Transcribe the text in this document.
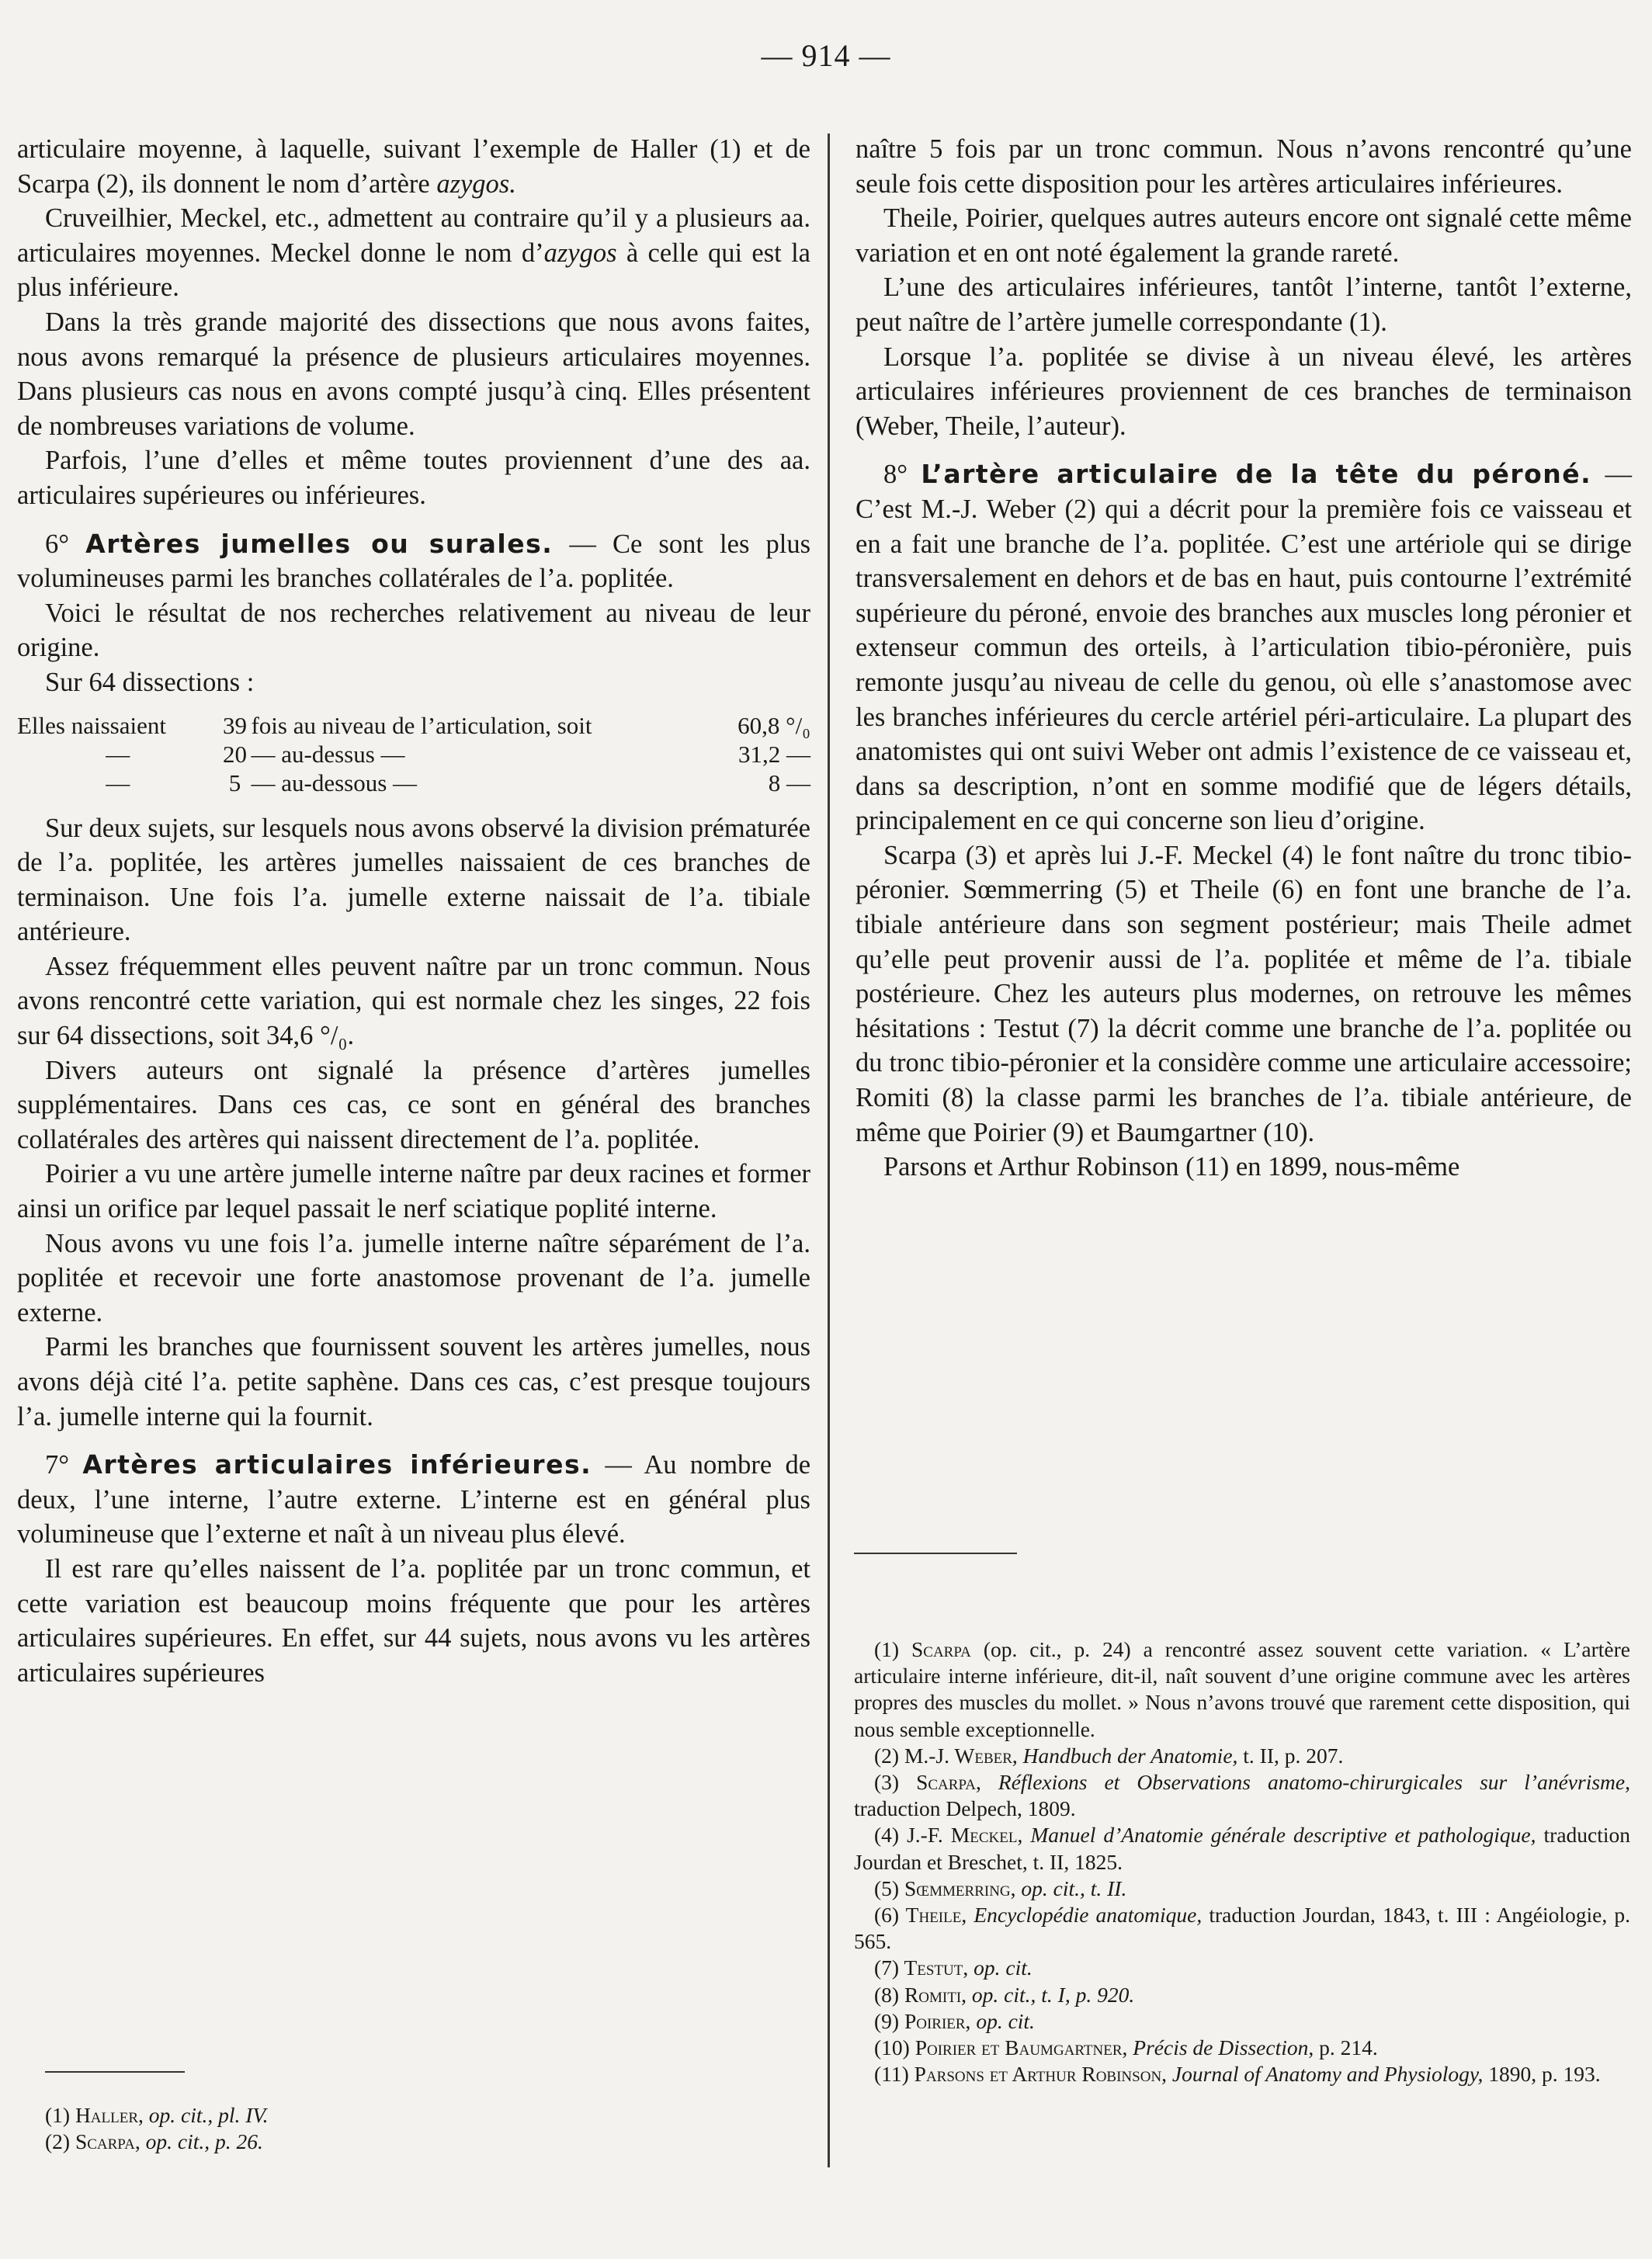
— 914 —

articulaire moyenne, à laquelle, suivant l’exemple de Haller (1) et de Scarpa (2), ils donnent le nom d’artère azygos.

Cruveilhier, Meckel, etc., admettent au contraire qu’il y a plusieurs aa. articulaires moyennes. Meckel donne le nom d’azygos à celle qui est la plus inférieure.

Dans la très grande majorité des dissections que nous avons faites, nous avons remarqué la présence de plusieurs articulaires moyennes. Dans plusieurs cas nous en avons compté jusqu’à cinq. Elles présentent de nombreuses variations de volume.

Parfois, l’une d’elles et même toutes proviennent d’une des aa. articulaires supérieures ou inférieures.

6° Artères jumelles ou surales. — Ce sont les plus volumineuses parmi les branches collatérales de l’a. poplitée.

Voici le résultat de nos recherches relativement au niveau de leur origine.

Sur 64 dissections :

Elles naissaient	39	fois au niveau de l’articulation, soit	60,8 °/₀
—	20	— au-dessus —	31,2 —
—	5	— au-dessous —	8 —

Sur deux sujets, sur lesquels nous avons observé la division prématurée de l’a. poplitée, les artères jumelles naissaient de ces branches de terminaison. Une fois l’a. jumelle externe naissait de l’a. tibiale antérieure.

Assez fréquemment elles peuvent naître par un tronc commun. Nous avons rencontré cette variation, qui est normale chez les singes, 22 fois sur 64 dissections, soit 34,6 °/₀.

Divers auteurs ont signalé la présence d’artères jumelles supplémentaires. Dans ces cas, ce sont en général des branches collatérales des artères qui naissent directement de l’a. poplitée.

Poirier a vu une artère jumelle interne naître par deux racines et former ainsi un orifice par lequel passait le nerf sciatique poplité interne.

Nous avons vu une fois l’a. jumelle interne naître séparément de l’a. poplitée et recevoir une forte anastomose provenant de l’a. jumelle externe.

Parmi les branches que fournissent souvent les artères jumelles, nous avons déjà cité l’a. petite saphène. Dans ces cas, c’est presque toujours l’a. jumelle interne qui la fournit.

7° Artères articulaires inférieures. — Au nombre de deux, l’une interne, l’autre externe. L’interne est en général plus volumineuse que l’externe et naît à un niveau plus élevé.

Il est rare qu’elles naissent de l’a. poplitée par un tronc commun, et cette variation est beaucoup moins fréquente que pour les artères articulaires supérieures. En effet, sur 44 sujets, nous avons vu les artères articulaires supérieures

(1) Haller, op. cit., pl. IV.

(2) Scarpa, op. cit., p. 26.

naître 5 fois par un tronc commun. Nous n’avons rencontré qu’une seule fois cette disposition pour les artères articulaires inférieures.

Theile, Poirier, quelques autres auteurs encore ont signalé cette même variation et en ont noté également la grande rareté.

L’une des articulaires inférieures, tantôt l’interne, tantôt l’externe, peut naître de l’artère jumelle correspondante (1).

Lorsque l’a. poplitée se divise à un niveau élevé, les artères articulaires inférieures proviennent de ces branches de terminaison (Weber, Theile, l’auteur).

8° L’artère articulaire de la tête du péroné. — C’est M.-J. Weber (2) qui a décrit pour la première fois ce vaisseau et en a fait une branche de l’a. poplitée. C’est une artériole qui se dirige transversalement en dehors et de bas en haut, puis contourne l’extrémité supérieure du péroné, envoie des branches aux muscles long péronier et extenseur commun des orteils, à l’articulation tibio-péronière, puis remonte jusqu’au niveau de celle du genou, où elle s’anastomose avec les branches inférieures du cercle artériel péri-articulaire. La plupart des anatomistes qui ont suivi Weber ont admis l’existence de ce vaisseau et, dans sa description, n’ont en somme modifié que de légers détails, principalement en ce qui concerne son lieu d’origine.

Scarpa (3) et après lui J.-F. Meckel (4) le font naître du tronc tibio-péronier. Sœmmerring (5) et Theile (6) en font une branche de l’a. tibiale antérieure dans son segment postérieur; mais Theile admet qu’elle peut provenir aussi de l’a. poplitée et même de l’a. tibiale postérieure. Chez les auteurs plus modernes, on retrouve les mêmes hésitations : Testut (7) la décrit comme une branche de l’a. poplitée ou du tronc tibio-péronier et la considère comme une articulaire accessoire; Romiti (8) la classe parmi les branches de l’a. tibiale antérieure, de même que Poirier (9) et Baumgartner (10).

Parsons et Arthur Robinson (11) en 1899, nous-même

(1) Scarpa (op. cit., p. 24) a rencontré assez souvent cette variation. « L’artère articulaire interne inférieure, dit-il, naît souvent d’une origine commune avec les artères propres des muscles du mollet. » Nous n’avons trouvé que rarement cette disposition, qui nous semble exceptionnelle.

(2) M.-J. Weber, Handbuch der Anatomie, t. II, p. 207.

(3) Scarpa, Réflexions et Observations anatomo-chirurgicales sur l’anévrisme, traduction Delpech, 1809.

(4) J.-F. Meckel, Manuel d’Anatomie générale descriptive et pathologique, traduction Jourdan et Breschet, t. II, 1825.

(5) Sœmmerring, op. cit., t. II.

(6) Theile, Encyclopédie anatomique, traduction Jourdan, 1843, t. III : Angéiologie, p. 565.

(7) Testut, op. cit.

(8) Romiti, op. cit., t. I, p. 920.

(9) Poirier, op. cit.

(10) Poirier et Baumgartner, Précis de Dissection, p. 214.

(11) Parsons et Arthur Robinson, Journal of Anatomy and Physiology, 1890, p. 193.
